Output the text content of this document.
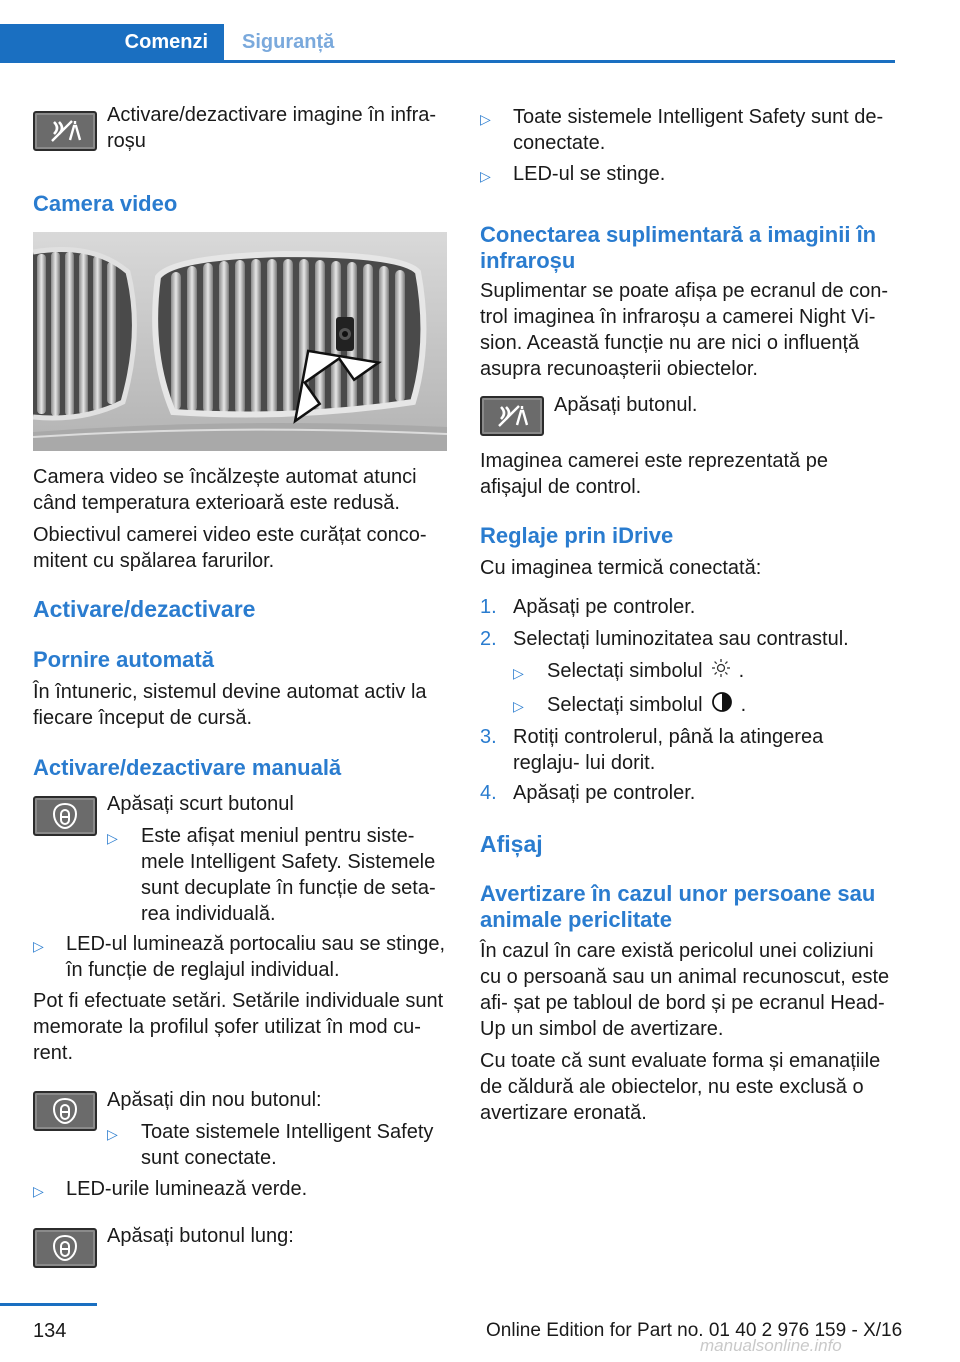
Comenzi	Siguranță
Activare/dezactivare imagine în infra‐
roșu
Camera video
Camera video se încălzește automat atunci când temperatura exterioară este redusă.
Obiectivul camerei video este curățat conco‐ mitent cu spălarea farurilor.
Activare/dezactivare
Pornire automată
În întuneric, sistemul devine automat activ la fiecare început de cursă.
Activare/dezactivare manuală
Apăsați scurt butonul
▷ Este afișat meniul pentru siste‐ mele Intelligent Safety. Sistemele sunt decuplate în funcție de seta‐ rea individuală.
▷ LED-ul luminează portocaliu sau se stinge, în funcție de reglajul individual.
Pot fi efectuate setări. Setările individuale sunt memorate la profilul șofer utilizat în mod cu‐ rent.
Apăsați din nou butonul:
▷ Toate sistemele Intelligent Safety sunt conectate.
▷ LED-urile luminează verde.
Apăsați butonul lung:
▷ Toate sistemele Intelligent Safety sunt de‐ conectate.
▷ LED-ul se stinge.
Conectarea suplimentară a imaginii în infraroșu
Suplimentar se poate afișa pe ecranul de con‐ trol imaginea în infraroșu a camerei Night Vi‐ sion. Această funcție nu are nici o influență asupra recunoașterii obiectelor.
Apăsați butonul.
Imaginea camerei este reprezentată pe afișajul de control.
Reglaje prin iDrive
Cu imaginea termică conectată:
1. Apăsați pe controler.
2. Selectați luminozitatea sau contrastul.
▷ Selectați simbolul .
▷ Selectați simbolul .
3. Rotiți controlerul, până la atingerea reglaju‐ lui dorit.
4. Apăsați pe controler.
Afișaj
Avertizare în cazul unor persoane sau animale periclitate
În cazul în care există pericolul unei coliziuni cu o persoană sau un animal recunoscut, este afi‐ șat pe tabloul de bord și pe ecranul Head-Up un simbol de avertizare.
Cu toate că sunt evaluate forma și emanațiile de căldură ale obiectelor, nu este exclusă o avertizare eronată.
134	Online Edition for Part no. 01 40 2 976 159 - X/16
manualsonline.info
